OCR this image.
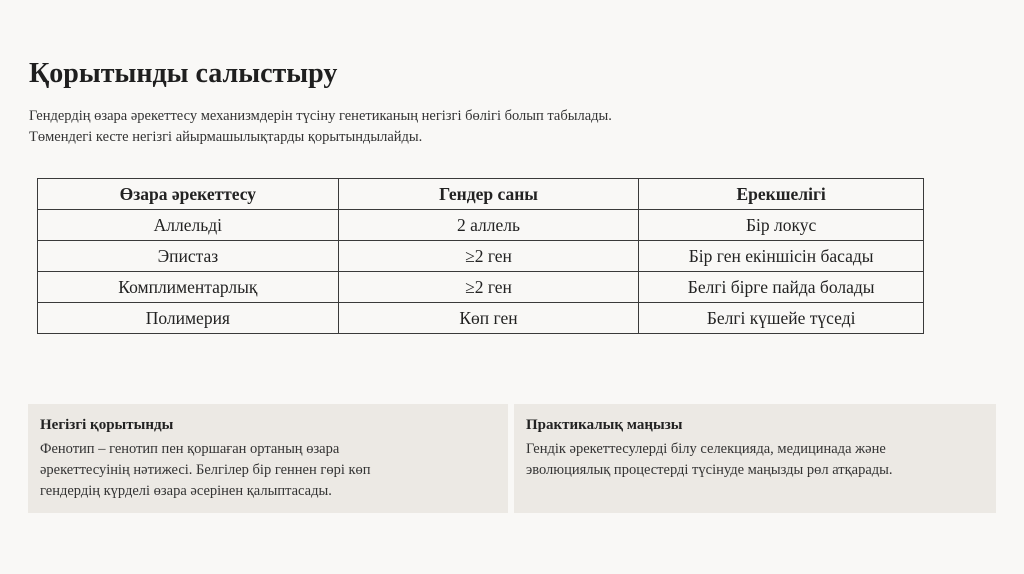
Қорытынды салыстыру
Гендердің өзара әрекеттесу механизмдерін түсіну генетиканың негізгі бөлігі болып табылады.
Төмендегі кесте негізгі айырмашылықтарды қорытындылайды.
Өзара әрекеттесу	Гендер саны	Ерекшелігі
Аллельді	2 аллель	Бір локус
Эпистаз	≥2 ген	Бір ген екіншісін басады
Комплиментарлық	≥2 ген	Белгі бірге пайда болады
Полимерия	Көп ген	Белгі күшейе түседі
Негізгі қорытынды
Фенотип – генотип пен қоршаған ортаның өзара
әрекеттесуінің нәтижесі. Белгілер бір геннен гөрі көп
гендердің күрделі өзара әсерінен қалыптасады.
Практикалық маңызы
Гендік әрекеттесулерді білу селекцияда, медицинада және
эволюциялық процестерді түсінуде маңызды рөл атқарады.
